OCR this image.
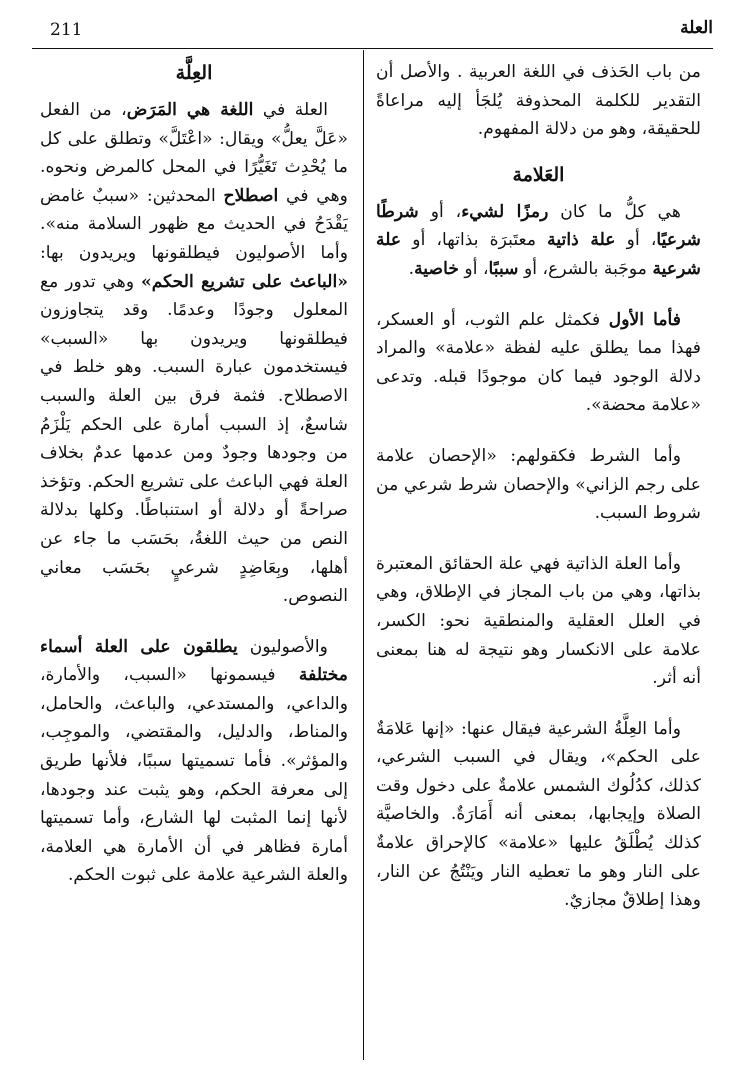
211	العلة

من باب الحَذف في اللغة العربية . والأصل أن التقدير للكلمة المحذوفة يُلجَأ إليه مراعاةً للحقيقة، وهو من دلالة المفهوم.

العَلامة

هي كلُّ ما كان رمزًا لشيء، أو شرطًا شرعيًا، أو علة ذاتية معتَبرَة بذاتها، أو علة شرعية موجَبة بالشرع، أو سببًا، أو خاصية.

فأما الأول فكمثل علم الثوب، أو العسكر، فهذا مما يطلق عليه لفظة «علامة» والمراد دلالة الوجود فيما كان موجودًا قبله. وتدعى «علامة محضة».

وأما الشرط فكقولهم: «الإحصان علامة على رجم الزاني» والإحصان شرط شرعي من شروط السبب.

وأما العلة الذاتية فهي علة الحقائق المعتبرة بذاتها، وهي من باب المجاز في الإطلاق، وهي في العلل العقلية والمنطقية نحو: الكسر، علامة على الانكسار وهو نتيجة له هنا بمعنى أنه أثر.

وأما العِلَّةُ الشرعية فيقال عنها: «إنها عَلامَةٌ على الحكم»، ويقال في السبب الشرعي، كذلك، كدُلُوك الشمس علامةٌ على دخول وقت الصلاة وإيجابها، بمعنى أنه أَمَارَةٌ. والخاصيَّة كذلك يُطْلَقُ عليها «علامة» كالإحراق علامةٌ على النار وهو ما تعطيه النار ويَنْتُجُ عن النار، وهذا إطلاقٌ مجازيٌ.

العِلَّة

العلة في اللغة هي المَرَض، من الفعل «عَلَّ يعلُّ» ويقال: «اعْتَلَّ» وتطلق على كل ما يُحْدِث تَغَيُّرًا في المحل كالمرض ونحوه. وهي في اصطلاح المحدثين: «سببٌ غامض يَقْدَحُ في الحديث مع ظهور السلامة منه». وأما الأصوليون فيطلقونها ويريدون بها: «الباعث على تشريع الحكم» وهي تدور مع المعلول وجودًا وعدمًا. وقد يتجاوزون فيطلقونها ويريدون بها «السبب» فيستخدمون عبارة السبب. وهو خلط في الاصطلاح. فثمة فرق بين العلة والسبب شاسعٌ، إذ السبب أمارة على الحكم يَلْزَمُ من وجودها وجودٌ ومن عدمها عدمٌ بخلاف العلة فهي الباعث على تشريع الحكم. وتؤخذ صراحةً أو دلالة أو استنباطًا. وكلها بدلالة النص من حيث اللغةُ، بحَسَب ما جاء عن أهلها، وبِعَاضِدٍ شرعيٍ بحَسَب معاني النصوص.

والأصوليون يطلقون على العلة أسماء مختلفة فيسمونها «السبب، والأمارة، والداعي، والمستدعي، والباعث، والحامل، والمناط، والدليل، والمقتضي، والموجِب، والمؤثر». فأما تسميتها سببًا، فلأنها طريق إلى معرفة الحكم، وهو يثبت عند وجودها، لأنها إنما المثبت لها الشارع، وأما تسميتها أمارة فظاهر في أن الأمارة هي العلامة، والعلة الشرعية علامة على ثبوت الحكم.
